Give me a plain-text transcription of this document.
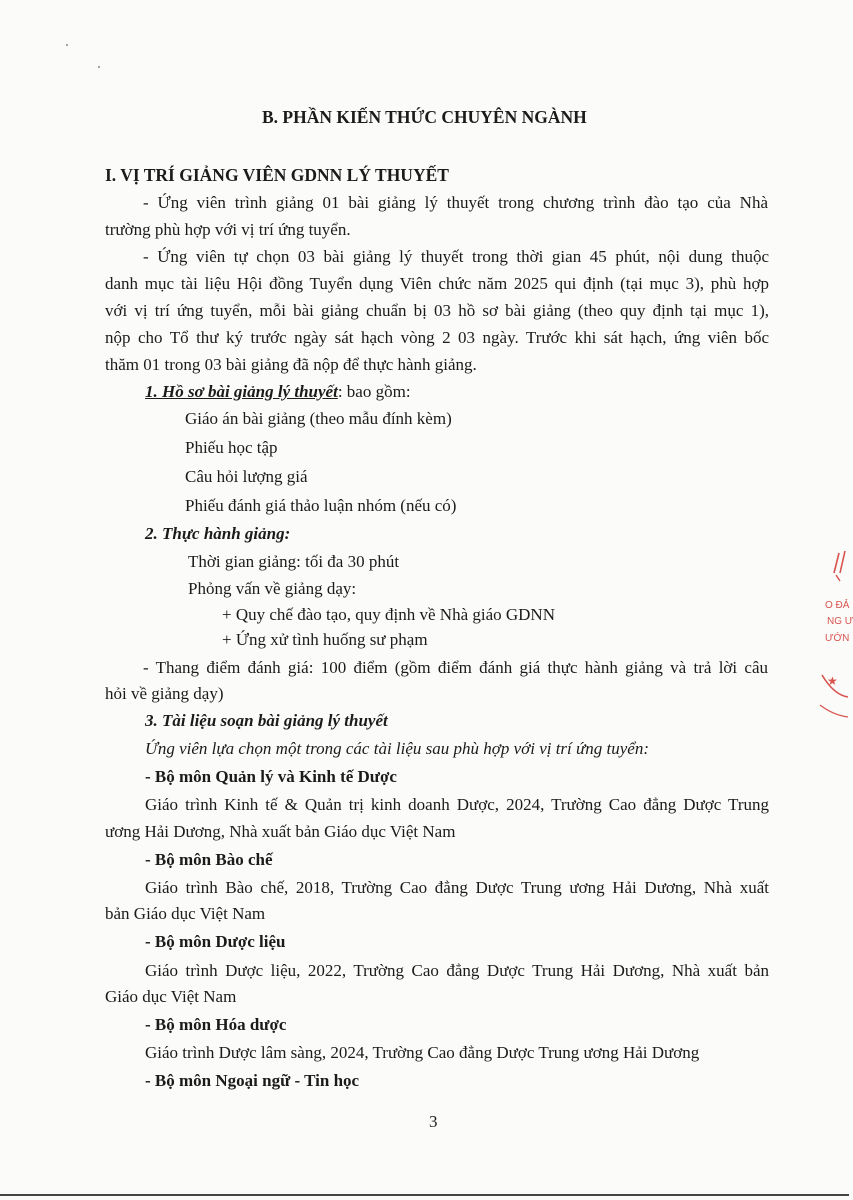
B. PHẦN KIẾN THỨC CHUYÊN NGÀNH
I. VỊ TRÍ GIẢNG VIÊN GDNN LÝ THUYẾT
- Ứng viên trình giảng 01 bài giảng lý thuyết trong chương trình đào tạo của Nhà
trường phù hợp với vị trí ứng tuyển.
- Ứng viên tự chọn 03 bài giảng lý thuyết trong thời gian 45 phút, nội dung thuộc
danh mục tài liệu Hội đồng Tuyển dụng Viên chức năm 2025 qui định (tại mục 3), phù hợp
với vị trí ứng tuyển, mỗi bài giảng chuẩn bị 03 hồ sơ bài giảng (theo quy định tại mục 1),
nộp cho Tổ thư ký trước ngày sát hạch vòng 2 03 ngày. Trước khi sát hạch, ứng viên bốc
thăm 01 trong 03 bài giảng đã nộp để thực hành giảng.
1. Hồ sơ bài giảng lý thuyết: bao gồm:
Giáo án bài giảng (theo mẫu đính kèm)
Phiếu học tập
Câu hỏi lượng giá
Phiếu đánh giá thảo luận nhóm (nếu có)
2. Thực hành giảng:
Thời gian giảng: tối đa 30 phút
Phỏng vấn về giảng dạy:
+ Quy chế đào tạo, quy định về Nhà giáo GDNN
+ Ứng xử tình huống sư phạm
- Thang điểm đánh giá: 100 điểm (gồm điểm đánh giá thực hành giảng và trả lời câu
hỏi về giảng dạy)
3. Tài liệu soạn bài giảng lý thuyết
Ứng viên lựa chọn một trong các tài liệu sau phù hợp với vị trí ứng tuyển:
- Bộ môn Quản lý và Kinh tế Dược
Giáo trình Kinh tế & Quản trị kinh doanh Dược, 2024, Trường Cao đẳng Dược Trung
ương Hải Dương, Nhà xuất bản Giáo dục Việt Nam
- Bộ môn Bào chế
Giáo trình Bào chế, 2018, Trường Cao đẳng Dược Trung ương Hải Dương, Nhà xuất
bản Giáo dục Việt Nam
- Bộ môn Dược liệu
Giáo trình Dược liệu, 2022, Trường Cao đẳng Dược Trung Hải Dương, Nhà xuất bản
Giáo dục Việt Nam
- Bộ môn Hóa dược
Giáo trình Dược lâm sàng, 2024, Trường Cao đẳng Dược Trung ương Hải Dương
- Bộ môn Ngoại ngữ - Tin học
3
★
O ĐẢ
NG Ư
ƯỚN
